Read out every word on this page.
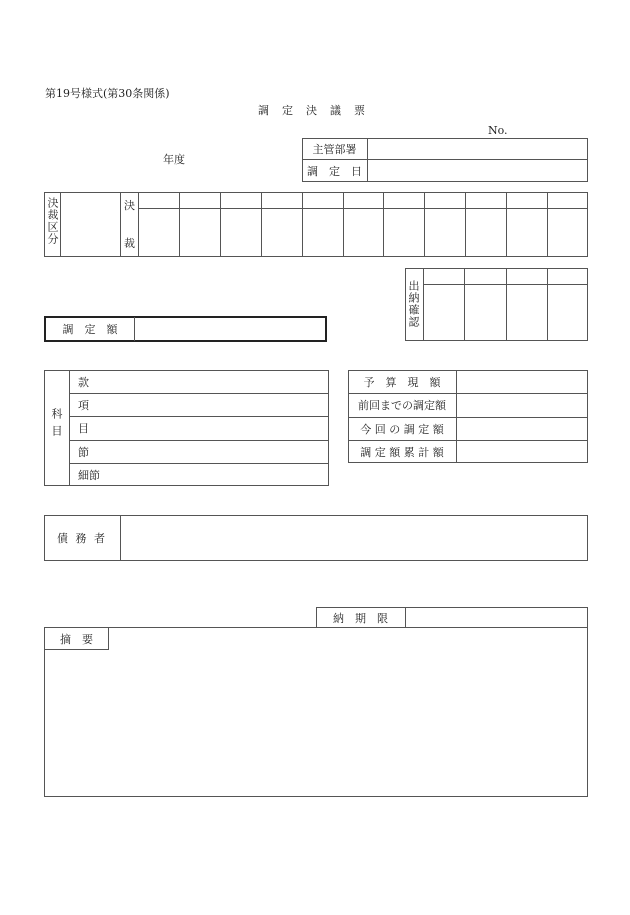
第19号様式(第30条関係)
調　定　決　議　票
No.
年度
主管部署
調　定　日
決裁区分	決
裁
出納確認
調　定　額
科目
款
項
目
節
細節
予　算　現　額
前回までの調定額
今 回 の 調 定 額
調 定 額 累 計 額
債 務 者
納　期　限
摘　要
